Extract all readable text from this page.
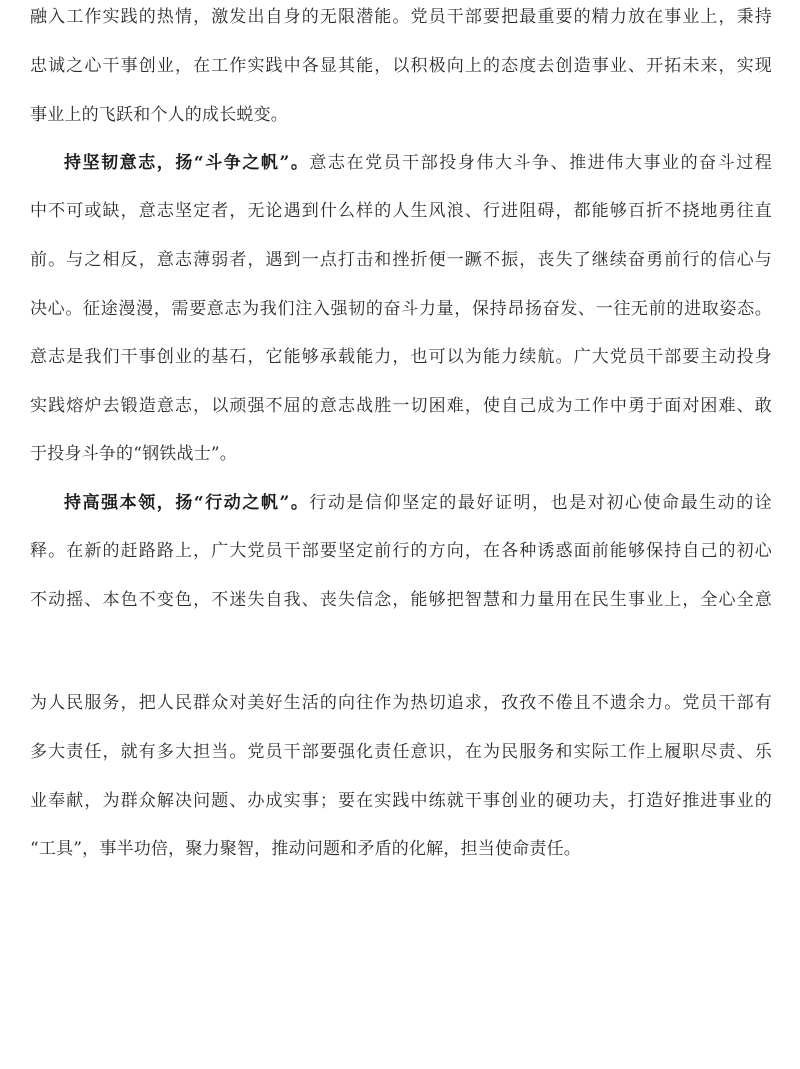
融入工作实践的热情，激发出自身的无限潜能。党员干部要把最重要的精力放在事业上，秉持
忠诚之心干事创业，在工作实践中各显其能，以积极向上的态度去创造事业、开拓未来，实现
事业上的飞跃和个人的成长蜕变。
持坚韧意志，扬“斗争之帆”。意志在党员干部投身伟大斗争、推进伟大事业的奋斗过程
中不可或缺，意志坚定者，无论遇到什么样的人生风浪、行进阻碍，都能够百折不挠地勇往直
前。与之相反，意志薄弱者，遇到一点打击和挫折便一蹶不振，丧失了继续奋勇前行的信心与
决心。征途漫漫，需要意志为我们注入强韧的奋斗力量，保持昂扬奋发、一往无前的进取姿态。
意志是我们干事创业的基石，它能够承载能力，也可以为能力续航。广大党员干部要主动投身
实践熔炉去锻造意志，以顽强不屈的意志战胜一切困难，使自己成为工作中勇于面对困难、敢
于投身斗争的“钢铁战士”。
持高强本领，扬“行动之帆”。行动是信仰坚定的最好证明，也是对初心使命最生动的诠
释。在新的赶路路上，广大党员干部要坚定前行的方向，在各种诱惑面前能够保持自己的初心
不动摇、本色不变色，不迷失自我、丧失信念，能够把智慧和力量用在民生事业上，全心全意
为人民服务，把人民群众对美好生活的向往作为热切追求，孜孜不倦且不遗余力。党员干部有
多大责任，就有多大担当。党员干部要强化责任意识，在为民服务和实际工作上履职尽责、乐
业奉献，为群众解决问题、办成实事；要在实践中练就干事创业的硬功夫，打造好推进事业的
“工具”，事半功倍，聚力聚智，推动问题和矛盾的化解，担当使命责任。
